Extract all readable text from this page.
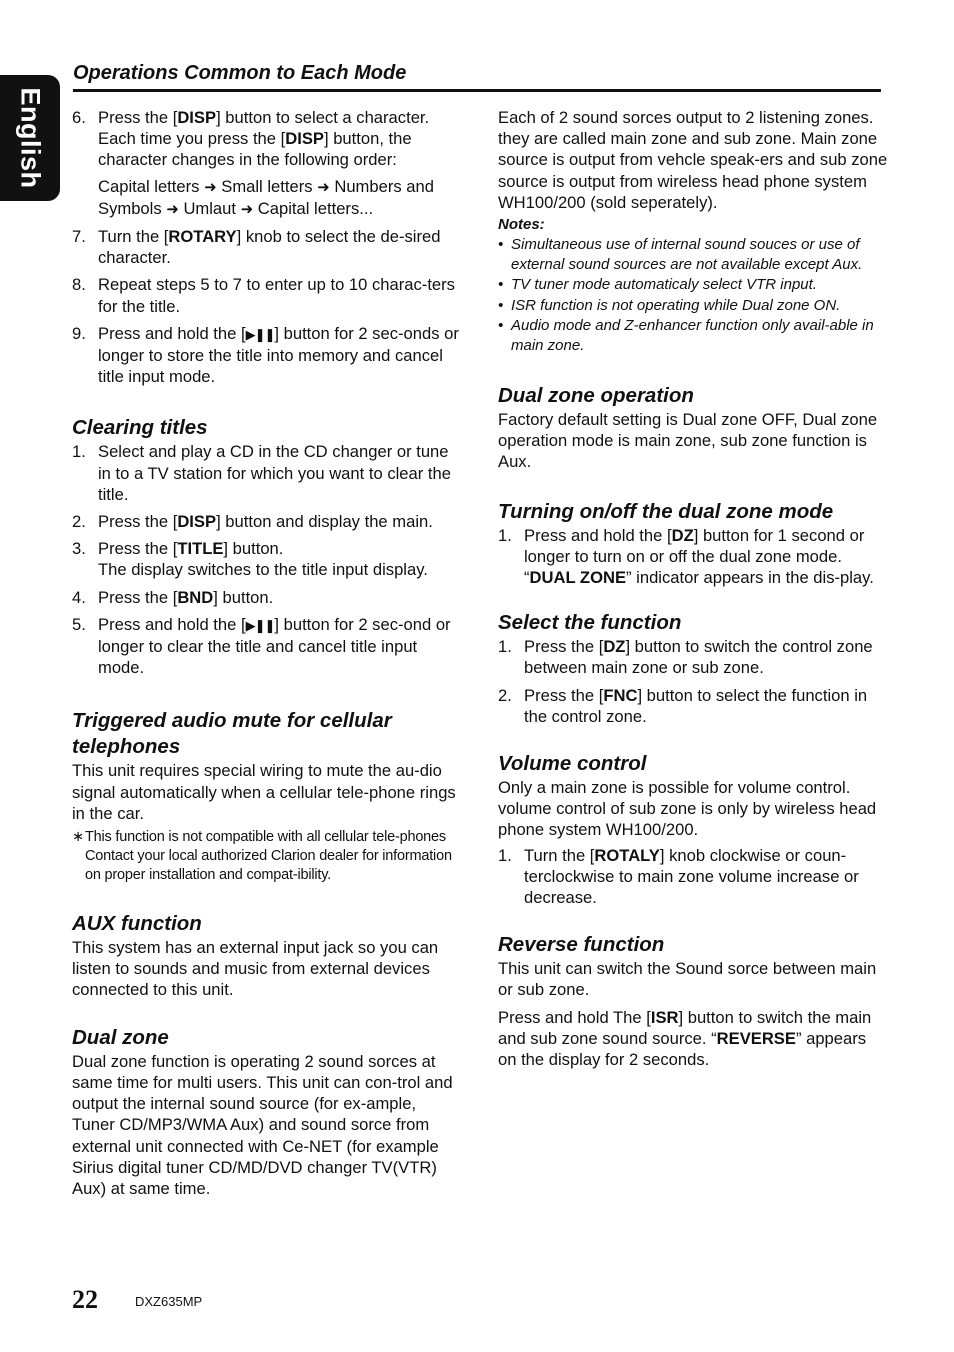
English
Operations Common to Each Mode
6. Press the [DISP] button to select a character. Each time you press the [DISP] button, the character changes in the following order:
Capital letters ➜ Small letters ➜ Numbers and Symbols ➜ Umlaut ➜ Capital letters...
7. Turn the [ROTARY] knob to select the de-sired character.
8. Repeat steps 5 to 7 to enter up to 10 charac-ters for the title.
9. Press and hold the [▶❚❚] button for 2 sec-onds or longer to store the title into memory and cancel title input mode.
Clearing titles
1. Select and play a CD in the CD changer or tune in to a TV station for which you want to clear the title.
2. Press the [DISP] button and display the main.
3. Press the [TITLE] button.
The display switches to the title input display.
4. Press the [BND] button.
5. Press and hold the [▶❚❚] button for 2 sec-ond or longer to clear the title and cancel title input mode.
Triggered audio mute for cellular telephones
This unit requires special wiring to mute the au-dio signal automatically when a cellular tele-phone rings in the car.
∗ This function is not compatible with all cellular tele-phones Contact your local authorized Clarion dealer for information on proper installation and compat-ibility.
AUX function
This system has an external input jack so you can listen to sounds and music from external devices connected to this unit.
Dual zone
Dual zone function is operating 2 sound sorces at same time for multi users. This unit can con-trol and output the internal sound source (for ex-ample, Tuner CD/MP3/WMA Aux) and sound sorce from external unit connected with Ce-NET (for example Sirius digital tuner CD/MD/DVD changer TV(VTR) Aux) at same time.
Each of 2 sound sorces output to 2 listening zones. they are called main zone and sub zone. Main zone source is output from vehcle speak-ers and sub zone source is output from wireless head phone system WH100/200 (sold seperately).
Notes:
• Simultaneous use of internal sound souces or use of external sound sources are not available except Aux.
• TV tuner mode automaticaly select VTR input.
• ISR function is not operating while Dual zone ON.
• Audio mode and Z-enhancer function only avail-able in main zone.
Dual zone operation
Factory default setting is Dual zone OFF, Dual zone operation mode is main zone, sub zone function is Aux.
Turning on/off the dual zone mode
1. Press and hold the [DZ] button for 1 second or longer to turn on or off the dual zone mode. “DUAL ZONE” indicator appears in the dis-play.
Select the function
1. Press the [DZ] button to switch the control zone between main zone or sub zone.
2. Press the [FNC] button to select the function in the control zone.
Volume control
Only a main zone is possible for volume control. volume control of sub zone is only by wireless head phone system WH100/200.
1. Turn the [ROTALY] knob clockwise or coun-terclockwise to main zone volume increase or decrease.
Reverse function
This unit can switch the Sound sorce between main or sub zone.
Press and hold The [ISR] button to switch the main and sub zone sound source. “REVERSE” appears on the display for 2 seconds.
22	DXZ635MP
